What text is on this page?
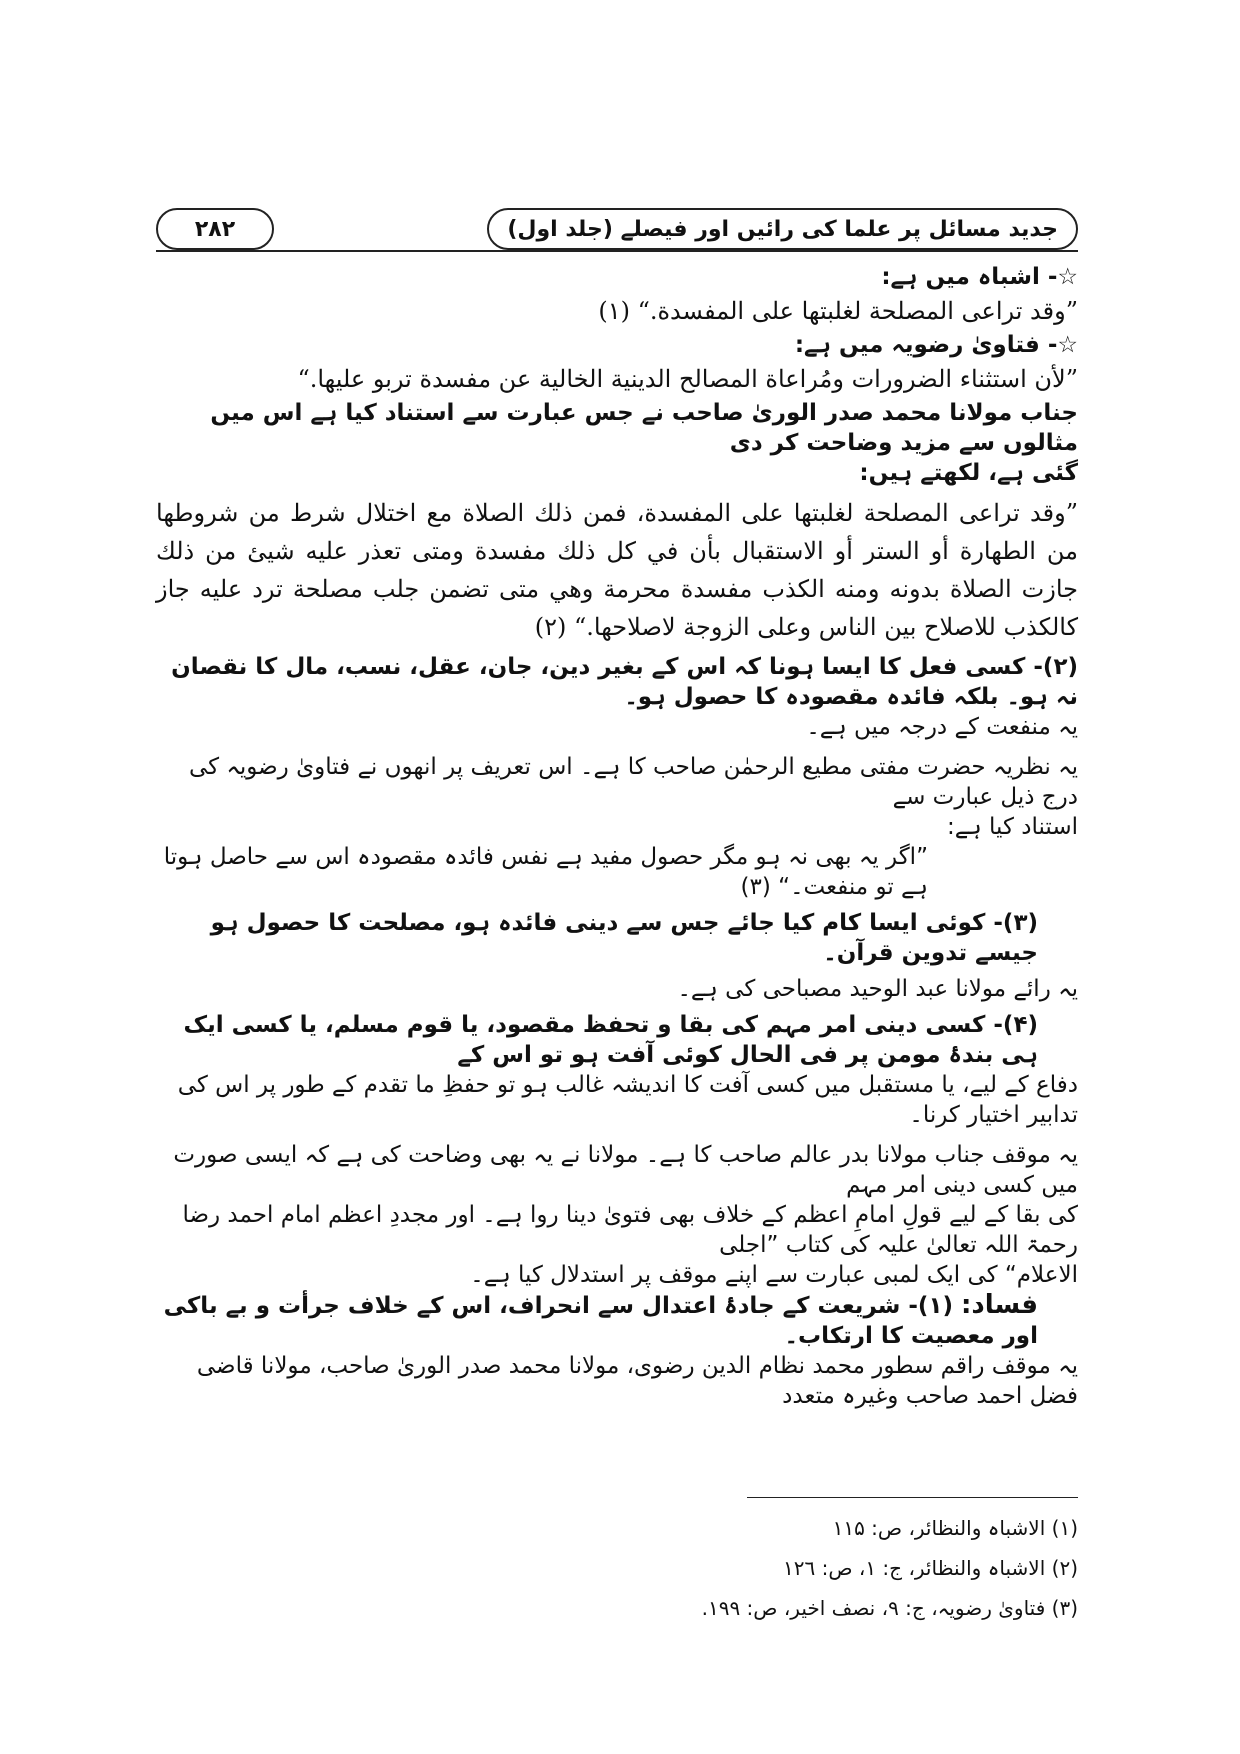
۲۸۲	جدید مسائل پر علما کی رائیں اور فیصلے (جلد اول)

☆- اشباہ میں ہے:

”وقد تراعى المصلحة لغلبتها على المفسدة.“ (۱)

☆- فتاویٰ رضویہ میں ہے:

”لأن استثناء الضرورات ومُراعاة المصالح الدينية الخالية عن مفسدة تربو عليها.“

جناب مولانا محمد صدر الوریٰ صاحب نے جس عبارت سے استناد کیا ہے اس میں مثالوں سے مزید وضاحت کر دی

گئی ہے، لکھتے ہیں:

”وقد تراعى المصلحة لغلبتها على المفسدة، فمن ذلك الصلاة مع اختلال شرط من شروطها من الطهارة أو الستر أو الاستقبال بأن في كل ذلك مفسدة ومتى تعذر عليه شيئ من ذلك جازت الصلاة بدونه ومنه الكذب مفسدة محرمة وهي متى تضمن جلب مصلحة ترد عليه جاز كالكذب للاصلاح بين الناس وعلى الزوجة لاصلاحها.“ (۲)

(۲)- کسی فعل کا ایسا ہونا کہ اس کے بغیر دین، جان، عقل، نسب، مال کا نقصان نہ ہو۔ بلکہ فائدہ مقصودہ کا حصول ہو۔

یہ منفعت کے درجہ میں ہے۔

یہ نظریہ حضرت مفتی مطیع الرحمٰن صاحب کا ہے۔ اس تعریف پر انھوں نے فتاویٰ رضویہ کی درج ذیل عبارت سے

استناد کیا ہے:

”اگر یہ بھی نہ ہو مگر حصول مفید ہے نفس فائدہ مقصودہ اس سے حاصل ہوتا ہے تو منفعت۔“ (۳)

(۳)- کوئی ایسا کام کیا جائے جس سے دینی فائدہ ہو، مصلحت کا حصول ہو جیسے تدوین قرآن۔

یہ رائے مولانا عبد الوحید مصباحی کی ہے۔

(۴)- کسی دینی امر مہم کی بقا و تحفظ مقصود، یا قوم مسلم، یا کسی ایک ہی بندۂ مومن پر فی الحال کوئی آفت ہو تو اس کے

دفاع کے لیے، یا مستقبل میں کسی آفت کا اندیشہ غالب ہو تو حفظِ ما تقدم کے طور پر اس کی تدابیر اختیار کرنا۔

یہ موقف جناب مولانا بدر عالم صاحب کا ہے۔ مولانا نے یہ بھی وضاحت کی ہے کہ ایسی صورت میں کسی دینی امر مہم

کی بقا کے لیے قولِ امامِ اعظم کے خلاف بھی فتویٰ دینا روا ہے۔ اور مجددِ اعظم امام احمد رضا رحمۃ اللہ تعالیٰ علیہ کی کتاب ”اجلی

الاعلام“ کی ایک لمبی عبارت سے اپنے موقف پر استدلال کیا ہے۔

فساد: (۱)- شریعت کے جادۂ اعتدال سے انحراف، اس کے خلاف جرأت و بے باکی اور معصیت کا ارتکاب۔

یہ موقف راقم سطور محمد نظام الدین رضوی، مولانا محمد صدر الوریٰ صاحب، مولانا قاضی فضل احمد صاحب وغیرہ متعدد

(۱) الاشباہ والنظائر، ص: ۱۱۵

(۲) الاشباہ والنظائر، ج: ۱، ص: ۱۲٦

(۳) فتاویٰ رضویہ، ج: ۹، نصف اخیر، ص: ۱۹۹.
